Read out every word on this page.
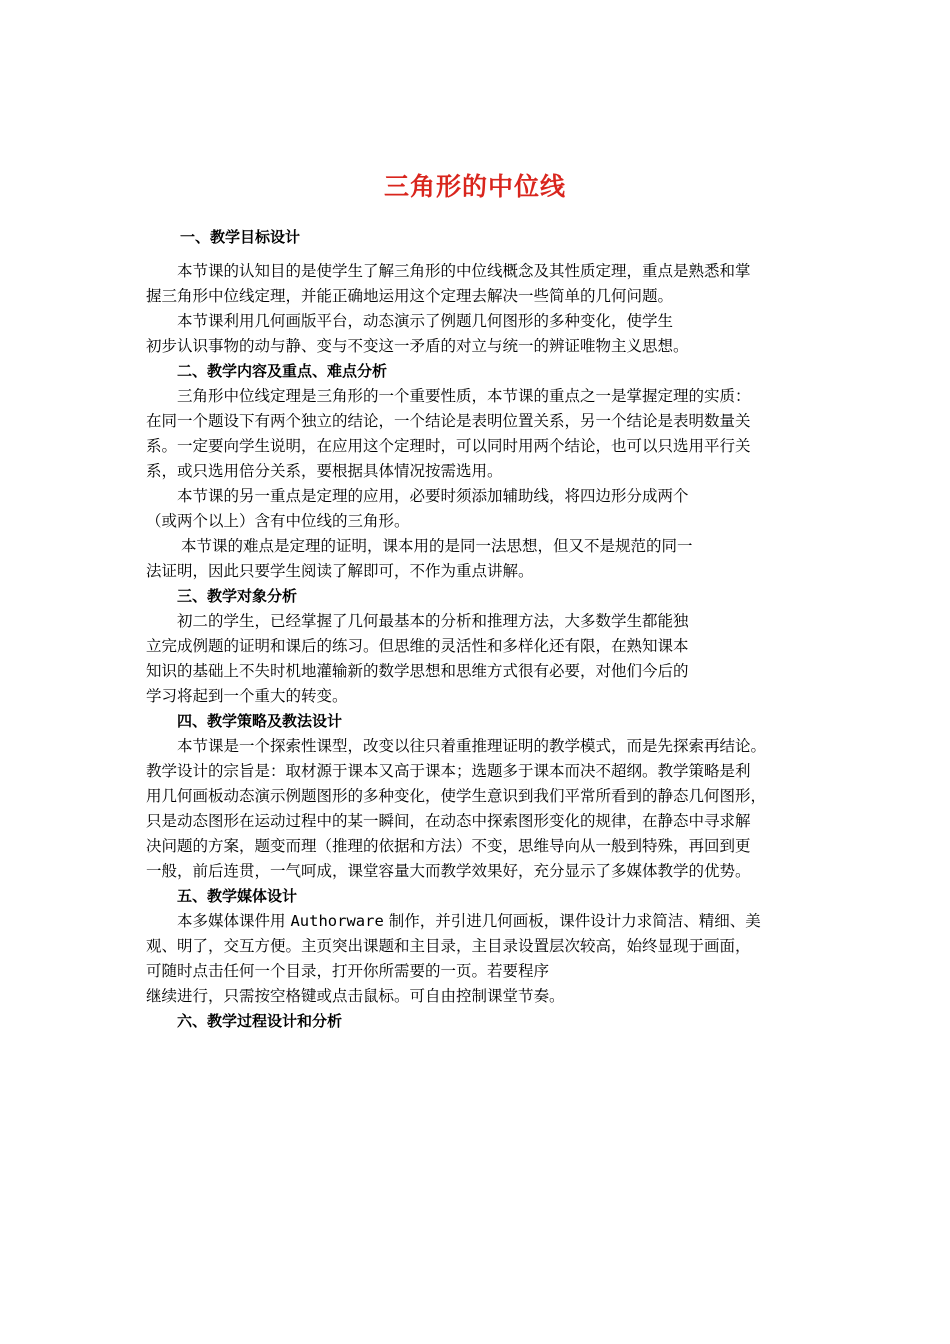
三角形的中位线
一、教学目标设计
本节课的认知目的是使学生了解三角形的中位线概念及其性质定理，重点是熟悉和掌
握三角形中位线定理，并能正确地运用这个定理去解决一些简单的几何问题。
本节课利用几何画版平台，动态演示了例题几何图形的多种变化，使学生
初步认识事物的动与静、变与不变这一矛盾的对立与统一的辨证唯物主义思想。
二、教学内容及重点、难点分析
三角形中位线定理是三角形的一个重要性质，本节课的重点之一是掌握定理的实质：
在同一个题设下有两个独立的结论，一个结论是表明位置关系，另一个结论是表明数量关
系。一定要向学生说明，在应用这个定理时，可以同时用两个结论，也可以只选用平行关
系，或只选用倍分关系，要根据具体情况按需选用。
本节课的另一重点是定理的应用，必要时须添加辅助线，将四边形分成两个
（或两个以上）含有中位线的三角形。
本节课的难点是定理的证明，课本用的是同一法思想，但又不是规范的同一
法证明，因此只要学生阅读了解即可，不作为重点讲解。
三、教学对象分析
初二的学生，已经掌握了几何最基本的分析和推理方法，大多数学生都能独
立完成例题的证明和课后的练习。但思维的灵活性和多样化还有限，在熟知课本
知识的基础上不失时机地灌输新的数学思想和思维方式很有必要，对他们今后的
学习将起到一个重大的转变。
四、教学策略及教法设计
本节课是一个探索性课型，改变以往只着重推理证明的教学模式，而是先探索再结论。
教学设计的宗旨是：取材源于课本又高于课本；选题多于课本而决不超纲。教学策略是利
用几何画板动态演示例题图形的多种变化，使学生意识到我们平常所看到的静态几何图形，
只是动态图形在运动过程中的某一瞬间，在动态中探索图形变化的规律，在静态中寻求解
决问题的方案，题变而理（推理的依据和方法）不变，思维导向从一般到特殊，再回到更
一般，前后连贯，一气呵成，课堂容量大而教学效果好，充分显示了多媒体教学的优势。
五、教学媒体设计
本多媒体课件用 Authorware 制作，并引进几何画板，课件设计力求简洁、精细、美
观、明了，交互方便。主页突出课题和主目录，主目录设置层次较高，始终显现于画面，
可随时点击任何一个目录，打开你所需要的一页。若要程序
继续进行，只需按空格键或点击鼠标。可自由控制课堂节奏。
六、教学过程设计和分析
